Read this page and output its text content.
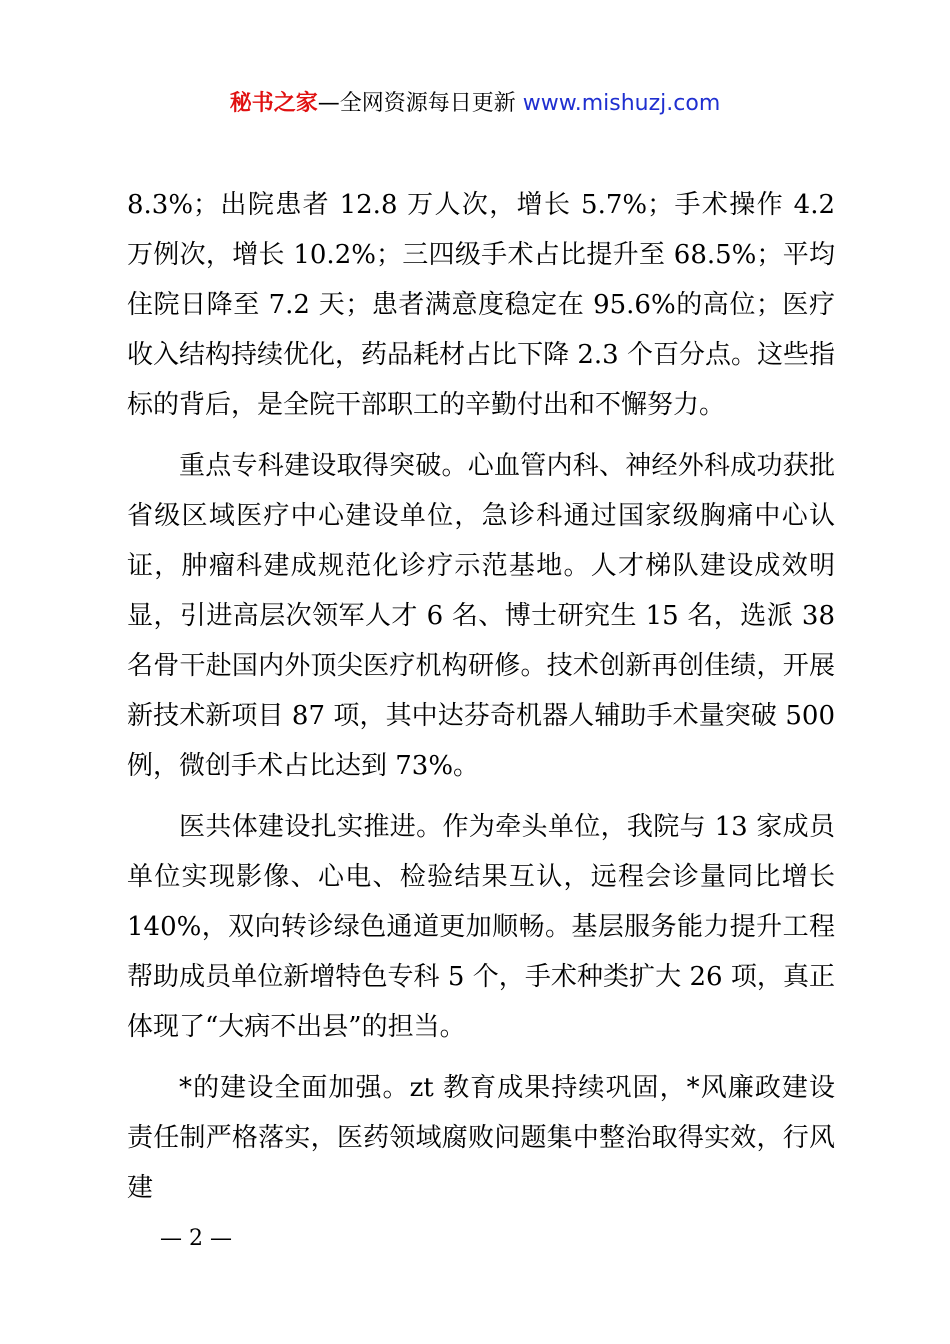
秘书之家—全网资源每日更新 www.mishuzj.com

8.3%；出院患者 12.8 万人次，增长 5.7%；手术操作 4.2 万例次，增长 10.2%；三四级手术占比提升至 68.5%；平均住院日降至 7.2 天；患者满意度稳定在 95.6%的高位；医疗收入结构持续优化，药品耗材占比下降 2.3 个百分点。这些指标的背后，是全院干部职工的辛勤付出和不懈努力。

重点专科建设取得突破。心血管内科、神经外科成功获批省级区域医疗中心建设单位，急诊科通过国家级胸痛中心认证，肿瘤科建成规范化诊疗示范基地。人才梯队建设成效明显，引进高层次领军人才 6 名、博士研究生 15 名，选派 38 名骨干赴国内外顶尖医疗机构研修。技术创新再创佳绩，开展新技术新项目 87 项，其中达芬奇机器人辅助手术量突破 500 例，微创手术占比达到 73%。

医共体建设扎实推进。作为牵头单位，我院与 13 家成员单位实现影像、心电、检验结果互认，远程会诊量同比增长 140%，双向转诊绿色通道更加顺畅。基层服务能力提升工程帮助成员单位新增特色专科 5 个，手术种类扩大 26 项，真正体现了“大病不出县”的担当。

*的建设全面加强。zt 教育成果持续巩固，*风廉政建设责任制严格落实，医药领域腐败问题集中整治取得实效，行风建

— 2 —
